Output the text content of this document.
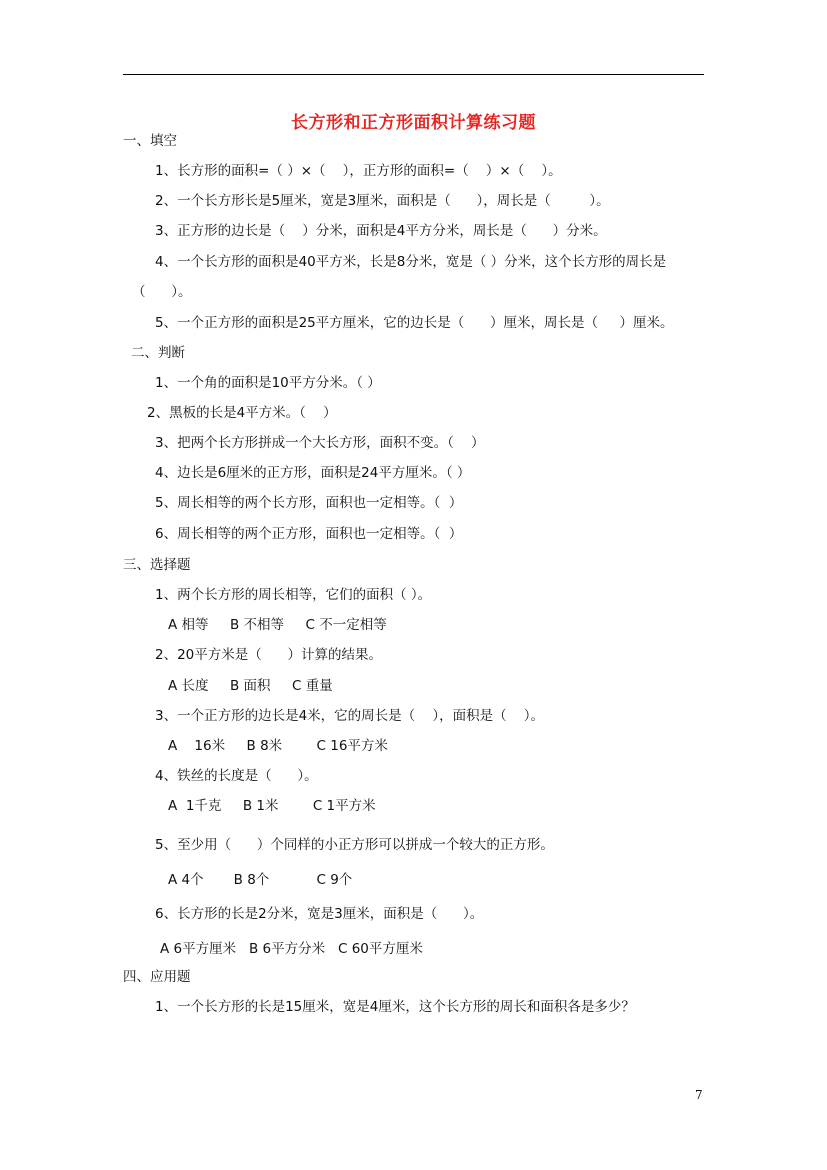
长方形和正方形面积计算练习题
一、填空
1、长方形的面积=（ ）×（    ），正方形的面积=（    ）×（    ）。
2、一个长方形长是5厘米，宽是3厘米，面积是（      ），周长是（         ）。
3、正方形的边长是（    ）分米，面积是4平方分米，周长是（      ）分米。
4、一个长方形的面积是40平方米，长是8分米，宽是（ ）分米，这个长方形的周长是
（      ）。
5、一个正方形的面积是25平方厘米，它的边长是（      ）厘米，周长是（     ）厘米。
二、判断
1、一个角的面积是10平方分米。（ ）
2、黑板的长是4平方米。（    ）
3、把两个长方形拼成一个大长方形，面积不变。（    ）
4、边长是6厘米的正方形，面积是24平方厘米。（ ）
5、周长相等的两个长方形，面积也一定相等。（  ）
6、周长相等的两个正方形，面积也一定相等。（  ）
三、选择题
1、两个长方形的周长相等，它们的面积（ ）。
A 相等     B 不相等     C 不一定相等
2、20平方米是（      ）计算的结果。
A 长度     B 面积     C 重量
3、一个正方形的边长是4米，它的周长是（    ），面积是（    ）。
A    16米     B 8米        C 16平方米
4、铁丝的长度是（      ）。
A  1千克     B 1米        C 1平方米
5、至少用（      ）个同样的小正方形可以拼成一个较大的正方形。
A 4个       B 8个           C 9个
6、长方形的长是2分米，宽是3厘米，面积是（      ）。
A 6平方厘米   B 6平方分米   C 60平方厘米
四、应用题
1、一个长方形的长是15厘米，宽是4厘米，这个长方形的周长和面积各是多少？
7
